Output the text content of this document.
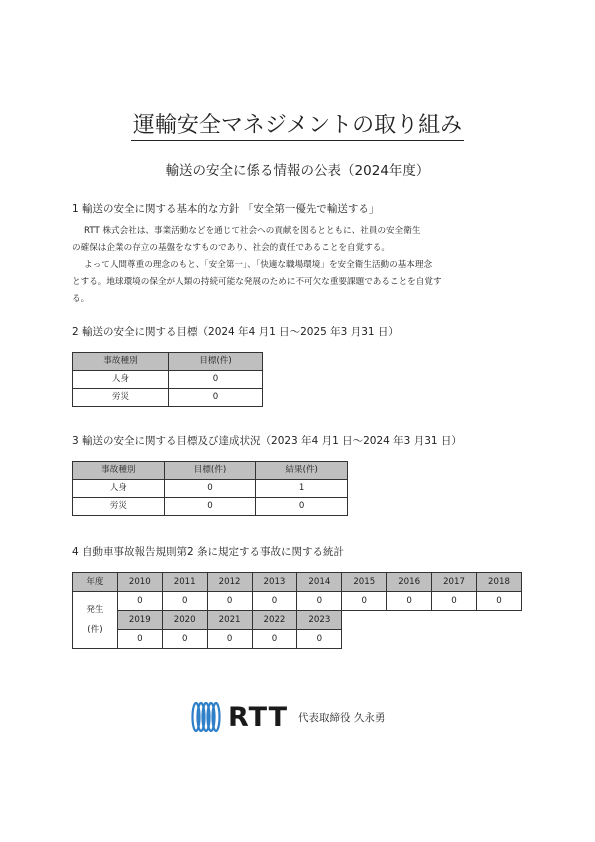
運輸安全マネジメントの取り組み
輸送の安全に係る情報の公表（2024年度）
1 輸送の安全に関する基本的な方針 「安全第一優先で輸送する」

RTT 株式会社は、事業活動などを通じて社会への貢献を図るとともに、社員の安全衛生

の確保は企業の存立の基盤をなすものであり、社会的責任であることを自覚する。

よって人間尊重の理念のもと、「安全第一」、「快適な職場環境」を安全衛生活動の基本理念

とする。地球環境の保全が人類の持続可能な発展のために不可欠な重要課題であることを自覚す
る。
2 輸送の安全に関する目標（2024 年4 月1 日～2025 年3 月31 日）
事故種別	目標(件)
人身	0
労災	0
3 輸送の安全に関する目標及び達成状況（2023 年4 月1 日～2024 年3 月31 日）
事故種別	目標(件)	結果(件)
人身	0	1
労災	0	0
4 自動車事故報告規則第2 条に規定する事故に関する統計
年度	2010	2011	2012	2013	2014	2015	2016	2017	2018

発生
(件)	0	0	0	0	0	0	0	0	0
	2019	2020	2021	2022	2023				
	0	0	0	0	0				
RTT 代表取締役 久永勇
